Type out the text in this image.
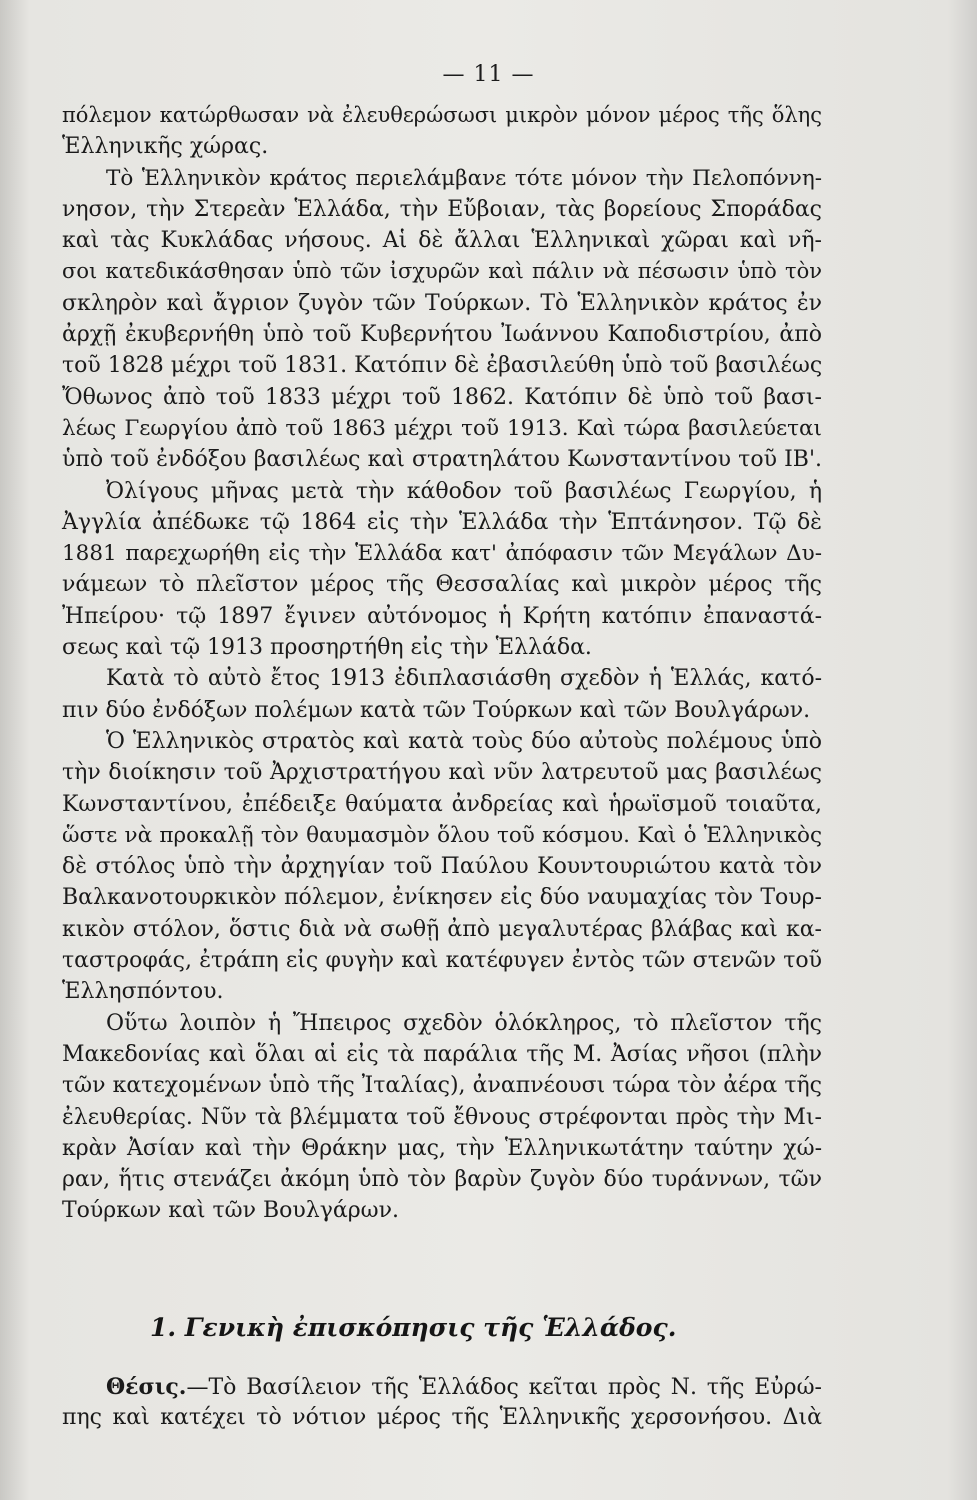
— 11 —
πόλεμον κατώρθωσαν νὰ ἐλευθερώσωσι μικρὸν μόνον μέρος τῆς ὅλης
Ἑλληνικῆς χώρας.
Τὸ Ἑλληνικὸν κράτος περιελάμβανε τότε μόνον τὴν Πελοπόννη-
νησον, τὴν Στερεὰν Ἑλλάδα, τὴν Εὔβοιαν, τὰς βορείους Σποράδας
καὶ τὰς Κυκλάδας νήσους. Αἱ δὲ ἄλλαι Ἑλληνικαὶ χῶραι καὶ νῆ-
σοι κατεδικάσθησαν ὑπὸ τῶν ἰσχυρῶν καὶ πάλιν νὰ πέσωσιν ὑπὸ τὸν
σκληρὸν καὶ ἄγριον ζυγὸν τῶν Τούρκων. Τὸ Ἑλληνικὸν κράτος ἐν
ἀρχῇ ἐκυβερνήθη ὑπὸ τοῦ Κυβερνήτου Ἰωάννου Καποδιστρίου, ἀπὸ
τοῦ 1828 μέχρι τοῦ 1831. Κατόπιν δὲ ἐβασιλεύθη ὑπὸ τοῦ βασιλέως
Ὄθωνος ἀπὸ τοῦ 1833 μέχρι τοῦ 1862. Κατόπιν δὲ ὑπὸ τοῦ βασι-
λέως Γεωργίου ἀπὸ τοῦ 1863 μέχρι τοῦ 1913. Καὶ τώρα βασιλεύεται
ὑπὸ τοῦ ἐνδόξου βασιλέως καὶ στρατηλάτου Κωνσταντίνου τοῦ ΙΒ'.
Ὀλίγους μῆνας μετὰ τὴν κάθοδον τοῦ βασιλέως Γεωργίου, ἡ
Ἀγγλία ἀπέδωκε τῷ 1864 εἰς τὴν Ἑλλάδα τὴν Ἑπτάνησον. Τῷ δὲ
1881 παρεχωρήθη εἰς τὴν Ἑλλάδα κατ' ἀπόφασιν τῶν Μεγάλων Δυ-
νάμεων τὸ πλεῖστον μέρος τῆς Θεσσαλίας καὶ μικρὸν μέρος τῆς
Ἠπείρου· τῷ 1897 ἔγινεν αὐτόνομος ἡ Κρήτη κατόπιν ἐπαναστά-
σεως καὶ τῷ 1913 προσηρτήθη εἰς τὴν Ἑλλάδα.
Κατὰ τὸ αὐτὸ ἔτος 1913 ἐδιπλασιάσθη σχεδὸν ἡ Ἑλλάς, κατό-
πιν δύο ἐνδόξων πολέμων κατὰ τῶν Τούρκων καὶ τῶν Βουλγάρων.
Ὁ Ἑλληνικὸς στρατὸς καὶ κατὰ τοὺς δύο αὐτοὺς πολέμους ὑπὸ
τὴν διοίκησιν τοῦ Ἀρχιστρατήγου καὶ νῦν λατρευτοῦ μας βασιλέως
Κωνσταντίνου, ἐπέδειξε θαύματα ἀνδρείας καὶ ἡρωϊσμοῦ τοιαῦτα,
ὥστε νὰ προκαλῇ τὸν θαυμασμὸν ὅλου τοῦ κόσμου. Καὶ ὁ Ἑλληνικὸς
δὲ στόλος ὑπὸ τὴν ἀρχηγίαν τοῦ Παύλου Κουντουριώτου κατὰ τὸν
Βαλκανοτουρκικὸν πόλεμον, ἐνίκησεν εἰς δύο ναυμαχίας τὸν Τουρ-
κικὸν στόλον, ὅστις διὰ νὰ σωθῇ ἀπὸ μεγαλυτέρας βλάβας καὶ κα-
ταστροφάς, ἐτράπη εἰς φυγὴν καὶ κατέφυγεν ἐντὸς τῶν στενῶν τοῦ
Ἑλλησπόντου.
Οὕτω λοιπὸν ἡ Ἤπειρος σχεδὸν ὁλόκληρος, τὸ πλεῖστον τῆς
Μακεδονίας καὶ ὅλαι αἱ εἰς τὰ παράλια τῆς Μ. Ἀσίας νῆσοι (πλὴν
τῶν κατεχομένων ὑπὸ τῆς Ἰταλίας), ἀναπνέουσι τώρα τὸν ἀέρα τῆς
ἐλευθερίας. Νῦν τὰ βλέμματα τοῦ ἔθνους στρέφονται πρὸς τὴν Μι-
κρὰν Ἀσίαν καὶ τὴν Θράκην μας, τὴν Ἑλληνικωτάτην ταύτην χώ-
ραν, ἥτις στενάζει ἀκόμη ὑπὸ τὸν βαρὺν ζυγὸν δύο τυράννων, τῶν
Τούρκων καὶ τῶν Βουλγάρων.
1. Γενικὴ ἐπισκόπησις τῆς Ἑλλάδος.
Θέσις.—Τὸ Βασίλειον τῆς Ἑλλάδος κεῖται πρὸς Ν. τῆς Εὐρώ-
πης καὶ κατέχει τὸ νότιον μέρος τῆς Ἑλληνικῆς χερσονήσου. Διὰ
